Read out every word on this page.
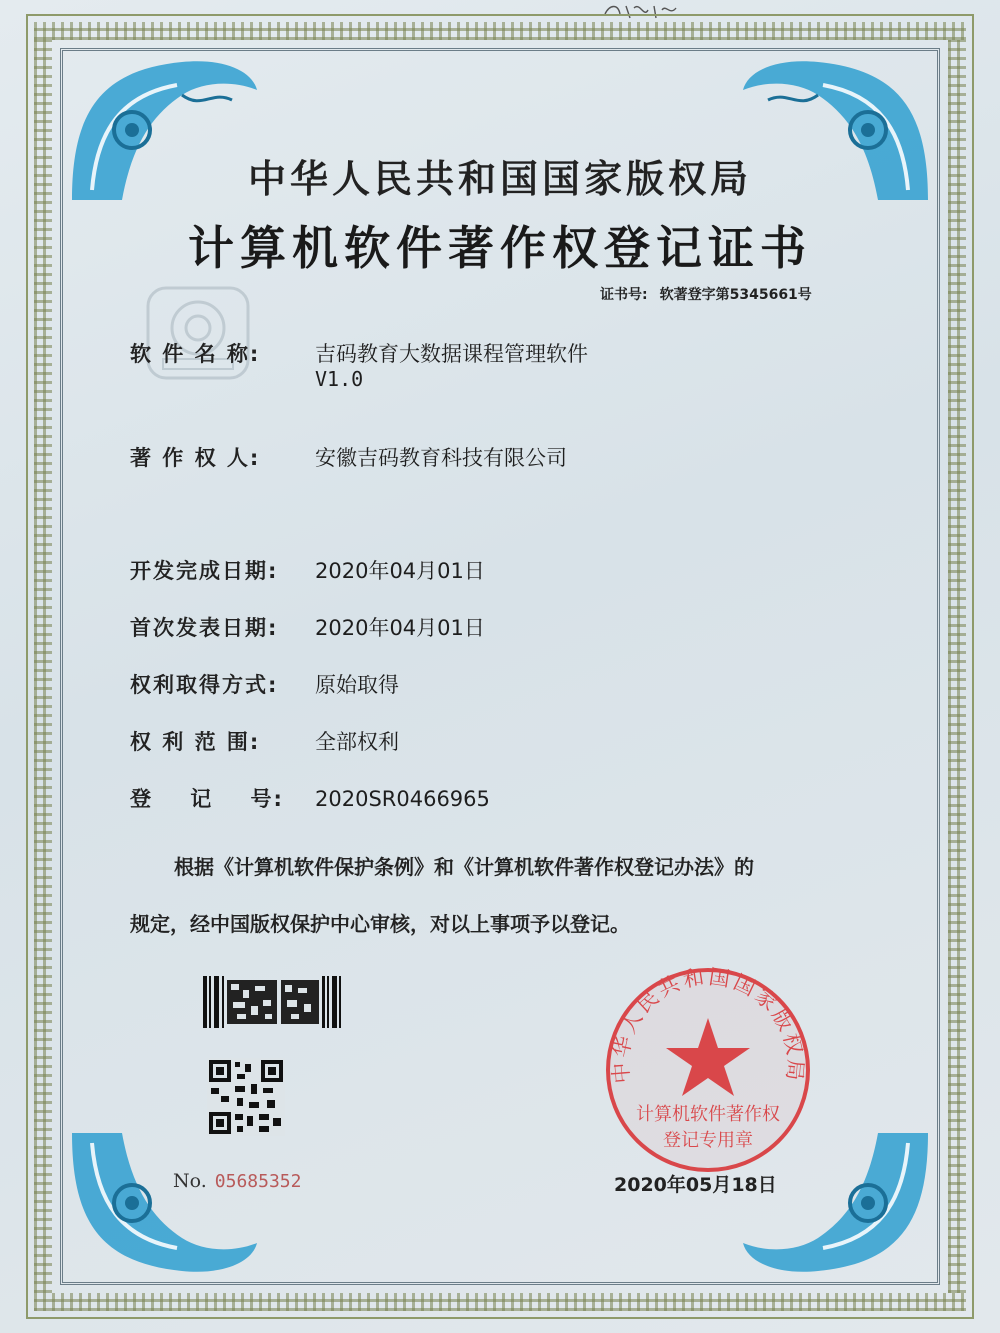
中华人民共和国国家版权局
计算机软件著作权登记证书
证书号: 软著登字第5345661号
软 件 名 称:	吉码教育大数据课程管理软件
V1.0
著 作 权 人:	安徽吉码教育科技有限公司
开发完成日期: 2020年04月01日
首次发表日期: 2020年04月01日
权利取得方式: 原始取得
权 利 范 围:	全部权利
登    记    号: 2020SR0466965
根据《计算机软件保护条例》和《计算机软件著作权登记办法》的
规定，经中国版权保护中心审核，对以上事项予以登记。
No. 05685352
中华人民共和国国家版权局
计算机软件著作权
登记专用章
2020年05月18日
